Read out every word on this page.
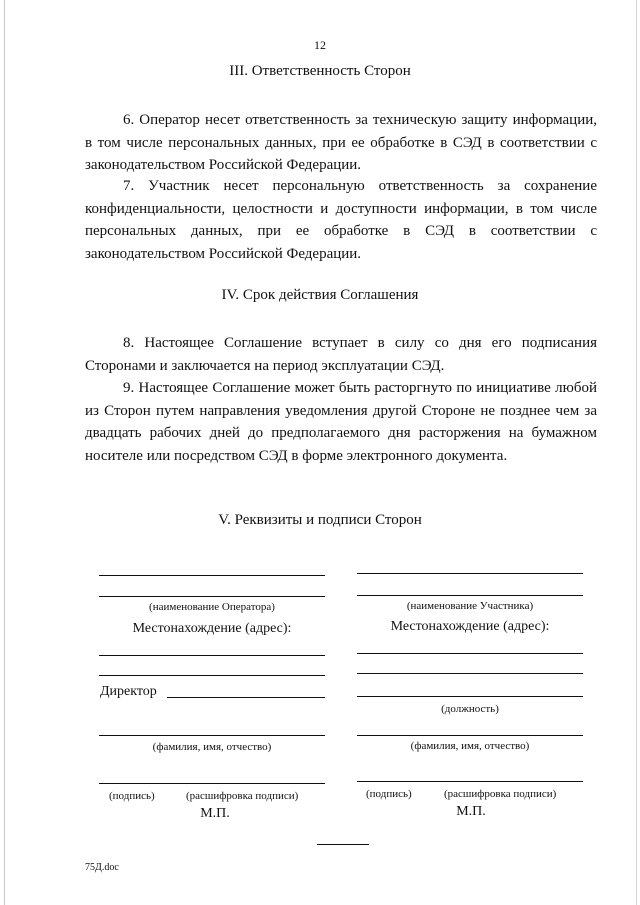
12
III. Ответственность Сторон

6. Оператор несет ответственность за техническую защиту информации, в том числе персональных данных, при ее обработке в СЭД в соответствии с законодательством Российской Федерации.

7. Участник несет персональную ответственность за сохранение конфиденциальности, целостности и доступности информации, в том числе персональных данных, при ее обработке в СЭД в соответствии с законодательством Российской Федерации.

IV. Срок действия Соглашения

8. Настоящее Соглашение вступает в силу со дня его подписания Сторонами и заключается на период эксплуатации СЭД.

9. Настоящее Соглашение может быть расторгнуто по инициативе любой из Сторон путем направления уведомления другой Стороне не позднее чем за двадцать рабочих дней до предполагаемого дня расторжения на бумажном носителе или посредством СЭД в форме электронного документа.

V. Реквизиты и подписи Сторон
(наименование Оператора)
Местонахождение (адрес):
Директор
(фамилия, имя, отчество)
(подпись)	(расшифровка подписи)
М.П.
(наименование Участника)
Местонахождение (адрес):
(должность)
(фамилия, имя, отчество)
(подпись)	(расшифровка подписи)
М.П.
75Д.doc
